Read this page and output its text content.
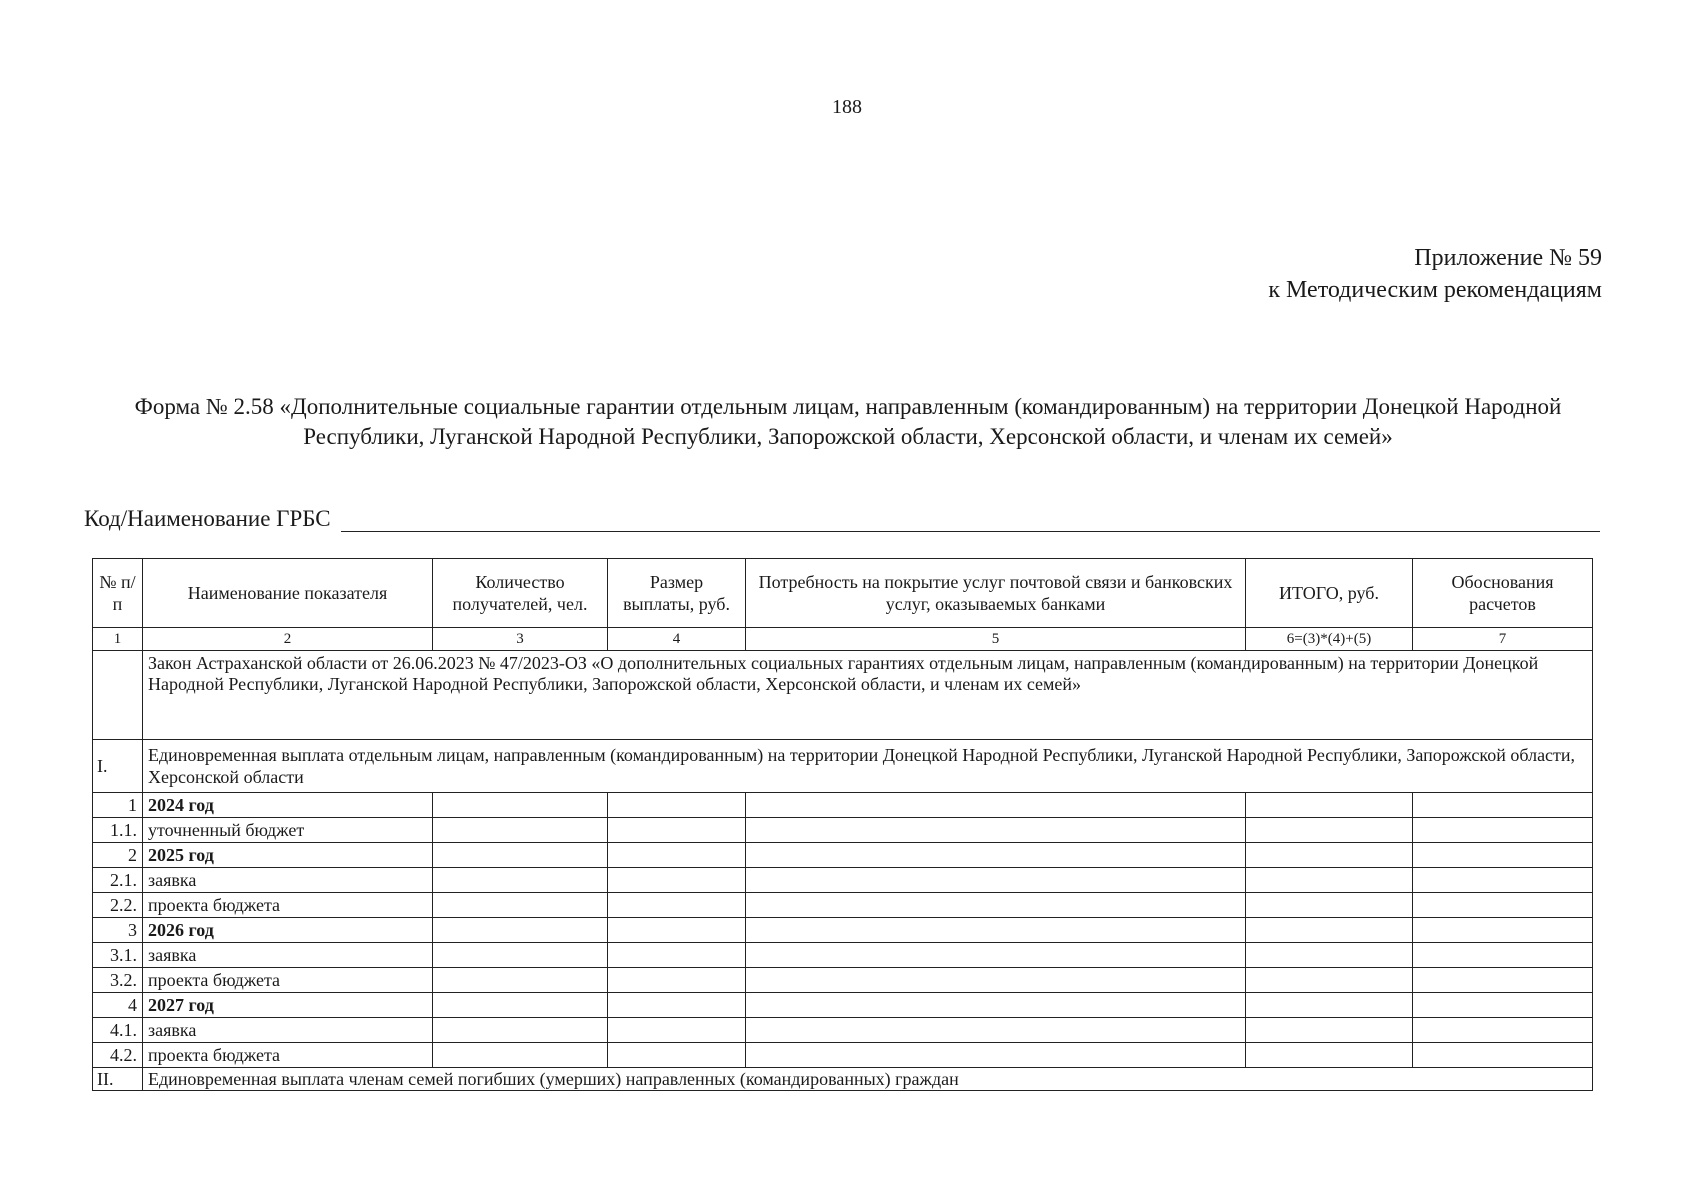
188
Приложение № 59
к Методическим рекомендациям
Форма № 2.58 «Дополнительные социальные гарантии отдельным лицам, направленным (командированным) на территории Донецкой Народной Республики, Луганской Народной Республики, Запорожской области, Херсонской области, и членам их семей»
Код/Наименование ГРБС
№ п/п	Наименование показателя	Количество получателей, чел.	Размер выплаты, руб.	Потребность на покрытие услуг почтовой связи и банковских услуг, оказываемых банками	ИТОГО, руб.	Обоснования расчетов
1	2	3	4	5	6=(3)*(4)+(5)	7
	Закон Астраханской области от 26.06.2023 № 47/2023-ОЗ «О дополнительных социальных гарантиях отдельным лицам, направленным (командированным) на территории Донецкой Народной Республики, Луганской Народной Республики, Запорожской области, Херсонской области, и членам их семей»					
I.	Единовременная выплата отдельным лицам, направленным (командированным) на территории Донецкой Народной Республики, Луганской Народной Республики, Запорожской области, Херсонской области					
1	2024 год					
1.1.	уточненный бюджет					
2	2025 год					
2.1.	заявка					
2.2.	проекта бюджета					
3	2026 год					
3.1.	заявка					
3.2.	проекта бюджета					
4	2027 год					
4.1.	заявка					
4.2.	проекта бюджета					
II.	Единовременная выплата членам семей погибших (умерших) направленных (командированных) граждан					
